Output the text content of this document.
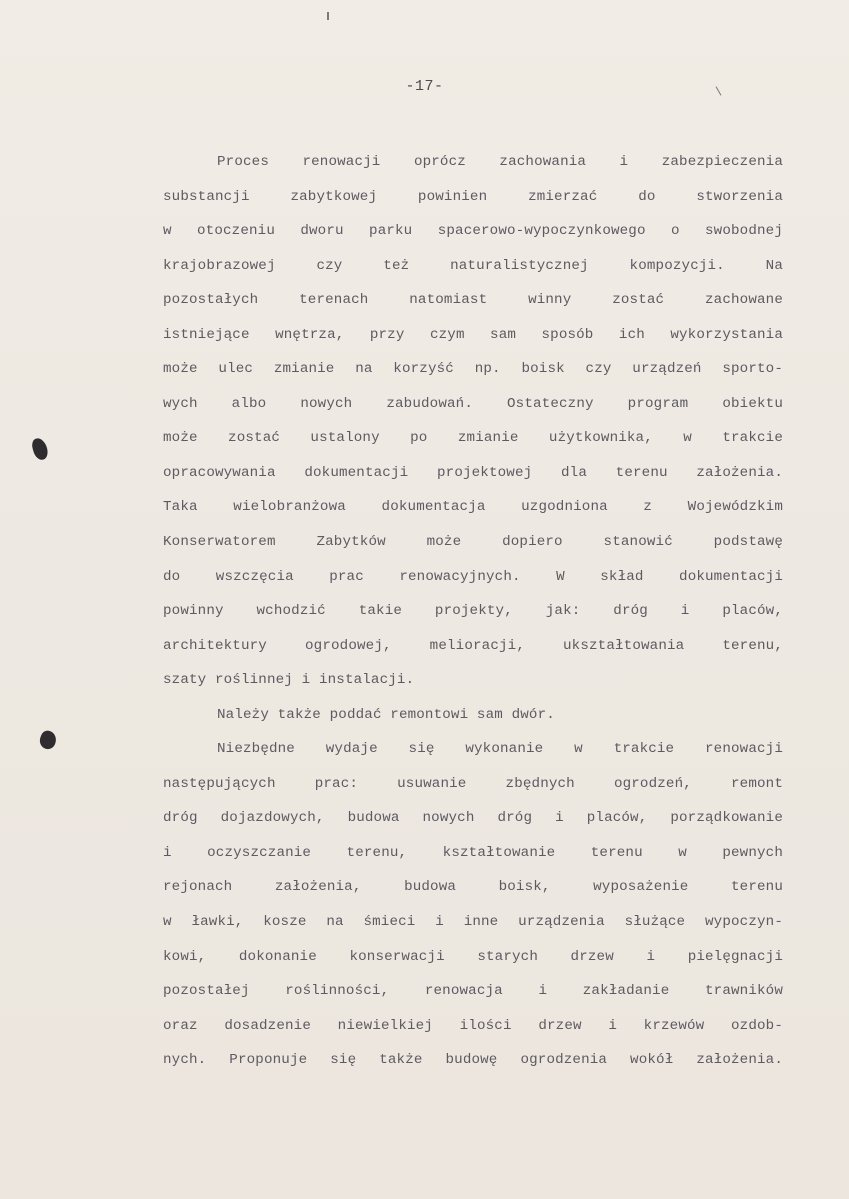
-17-
Proces renowacji oprócz zachowania i zabezpieczenia
substancji zabytkowej powinien zmierzać do stworzenia
w otoczeniu dworu parku spacerowo-wypoczynkowego o swobodnej
krajobrazowej czy też naturalistycznej kompozycji. Na
pozostałych terenach natomiast winny zostać zachowane
istniejące wnętrza, przy czym sam sposób ich wykorzystania
może ulec zmianie na korzyść np. boisk czy urządzeń sporto-
wych albo nowych zabudowań. Ostateczny program obiektu
może zostać ustalony po zmianie użytkownika, w trakcie
opracowywania dokumentacji projektowej dla terenu założenia.
Taka wielobranżowa dokumentacja uzgodniona z Wojewódzkim
Konserwatorem Zabytków może dopiero stanowić podstawę
do wszczęcia prac renowacyjnych. W skład dokumentacji
powinny wchodzić takie projekty, jak: dróg i placów,
architektury ogrodowej, melioracji, ukształtowania terenu,
szaty roślinnej i instalacji.
Należy także poddać remontowi sam dwór.
Niezbędne wydaje się wykonanie w trakcie renowacji
następujących prac: usuwanie zbędnych ogrodzeń, remont
dróg dojazdowych, budowa nowych dróg i placów, porządkowanie
i oczyszczanie terenu, kształtowanie terenu w pewnych
rejonach założenia, budowa boisk, wyposażenie terenu
w ławki, kosze na śmieci i inne urządzenia służące wypoczyn-
kowi, dokonanie konserwacji starych drzew i pielęgnacji
pozostałej roślinności, renowacja i zakładanie trawników
oraz dosadzenie niewielkiej ilości drzew i krzewów ozdob-
nych. Proponuje się także budowę ogrodzenia wokół założenia.
